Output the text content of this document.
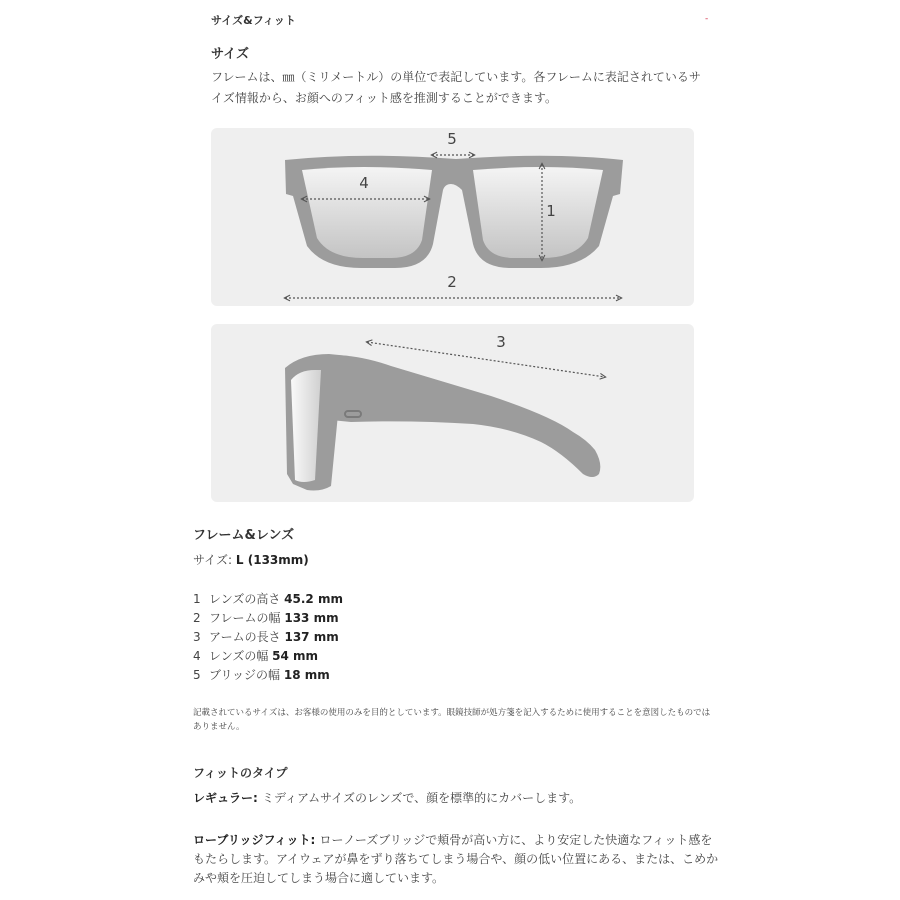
サイズ&フィット	-
サイズ

フレームは、㎜（ミリメートル）の単位で表記しています。各フレームに表記されているサイズ情報から、お顔へのフィット感を推測することができます。

5
4
1
2
3
フレーム&レンズ
サイズ: L (133mm)
1 レンズの高さ 45.2 mm
2 フレームの幅 133 mm
3 アームの長さ 137 mm
4 レンズの幅 54 mm
5 ブリッジの幅 18 mm

記載されているサイズは、お客様の使用のみを目的としています。眼鏡技師が処方箋を記入するために使用することを意図したものではありません。

フィットのタイプ

レギュラー: ミディアムサイズのレンズで、顔を標準的にカバーします。

ローブリッジフィット: ローノーズブリッジで頬骨が高い方に、より安定した快適なフィット感をもたらします。アイウェアが鼻をずり落ちてしまう場合や、顔の低い位置にある、または、こめかみや頬を圧迫してしまう場合に適しています。
